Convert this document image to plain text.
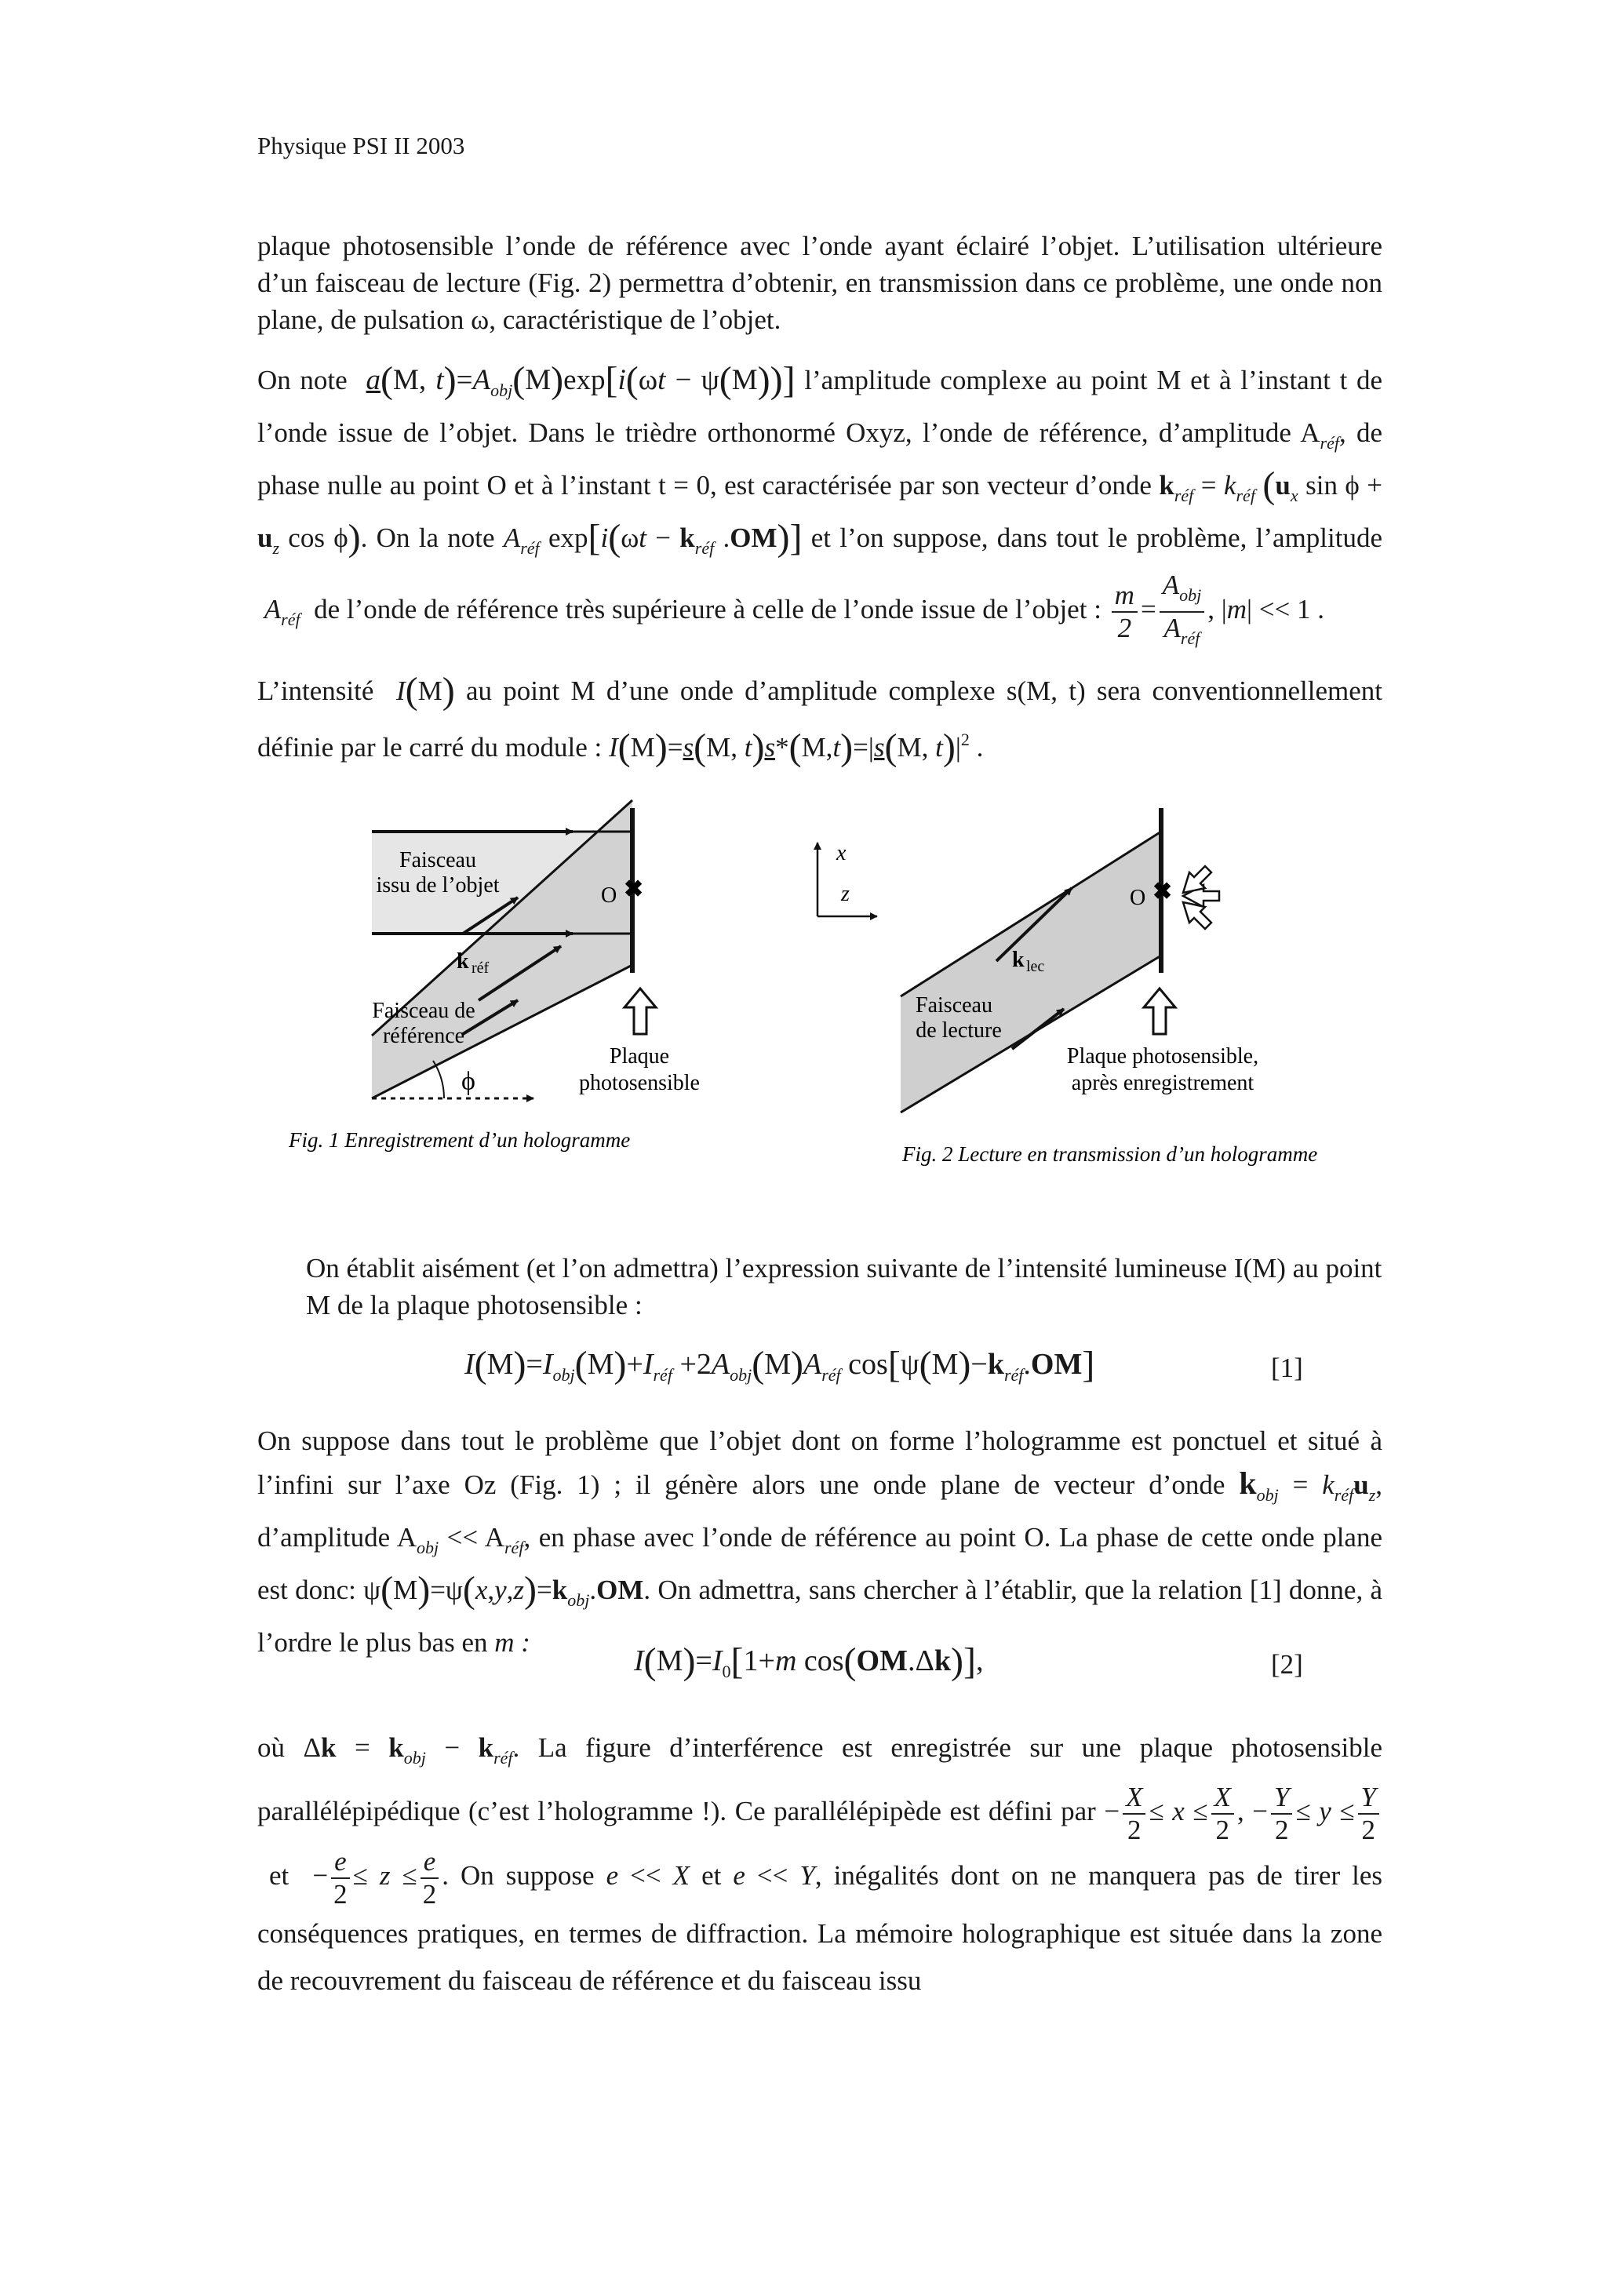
Physique PSI II 2003

plaque photosensible l’onde de référence avec l’onde ayant éclairé l’objet. L’utilisation ultérieure d’un faisceau de lecture (Fig. 2) permettra d’obtenir, en transmission dans ce problème, une onde non plane, de pulsation ω, caractéristique de l’objet.

On note a(M, $t)=A_{obj}(M)\exp[i(\omega t - \psi(M))]$ l’amplitude complexe au point M et à l’instant t de l’onde issue de l’objet. Dans le trièdre orthonormé Oxyz, l’onde de référence, d’amplitude $A_{réf}$, de phase nulle au point O et à l’instant t = 0, est caractérisée par son vecteur d’onde $k_{réf} = k_{réf}$ ($u_x$ $\sin \phi + u_z$ cos ϕ). On la note $A_{réf}$ $\exp[i(\omega t - k_{réf}$ .OM)] et l’on suppose, dans tout le problème, l’amplitude  $A_{réf}$ de l’onde de référence très supérieure à celle de l’onde issue de l’objet : $\frac{m}{2} = \frac{A_{obj}}{A_{réf}}$ , |m| << 1 .

L’intensité I(M) au point M d’une onde d’amplitude complexe s(M, t) sera conventionnellement définie par le carré du module : I(M)=s(M, t)s*(M,t)=|s(M, $t)|^2$ .

✖
O
Faisceau
issu de l’objet
k réf
Faisceau de
référence
Plaque
photosensible
ϕ
Fig. 1 Enregistrement d’un hologramme
✖
O
k lec
Faisceau
de lecture
Plaque photosensible,
après enregistrement
x
z
Fig. 2 Lecture en transmission d’un hologramme

On établit aisément (et l’on admettra) l’expression suivante de l’intensité lumineuse I(M) au point M de la plaque photosensible :

$I(M)=I_{obj}(M)+I_{réf} +2A_{obj}(M)A_{réf}$ $\cos[\psi(M)-k_{réf}.OM]$	[1]

On suppose dans tout le problème que l’objet dont on forme l’hologramme est ponctuel et situé à l’infini sur l’axe Oz (Fig. 1) ; il génère alors une onde plane de vecteur d’onde $k_{obj} = k_{réf}u_z$, d’amplitude $A_{obj} << A_{réf}$, en phase avec l’onde de référence au point O. La phase de cette onde plane est donc: $\psi(M)=\psi(x,y,z)=k_{obj}.OM$. On admettra, sans chercher à l’établir, que la relation [1] donne, à l’ordre le plus bas en m :

$I(M)=I_0[1+m$ cos(OM.Δk)],	[2]

où $\Delta k = k_{obj} - k_{réf}$. La figure d’interférence est enregistrée sur une plaque photosensible parallélépipédique (c’est l’hologramme !). Ce parallélépipède est défini par − $\frac{X}{2} \le x \le \frac{X}{2}$ , − $\frac{Y}{2} \le y \le \frac{Y}{2}$
et − $\frac{e}{2} \le z \le \frac{e}{2}$ . On suppose e << X et e << Y, inégalités dont on ne manquera pas de tirer les conséquences pratiques, en termes de diffraction. La mémoire holographique est située dans la zone de recouvrement du faisceau de référence et du faisceau issu
